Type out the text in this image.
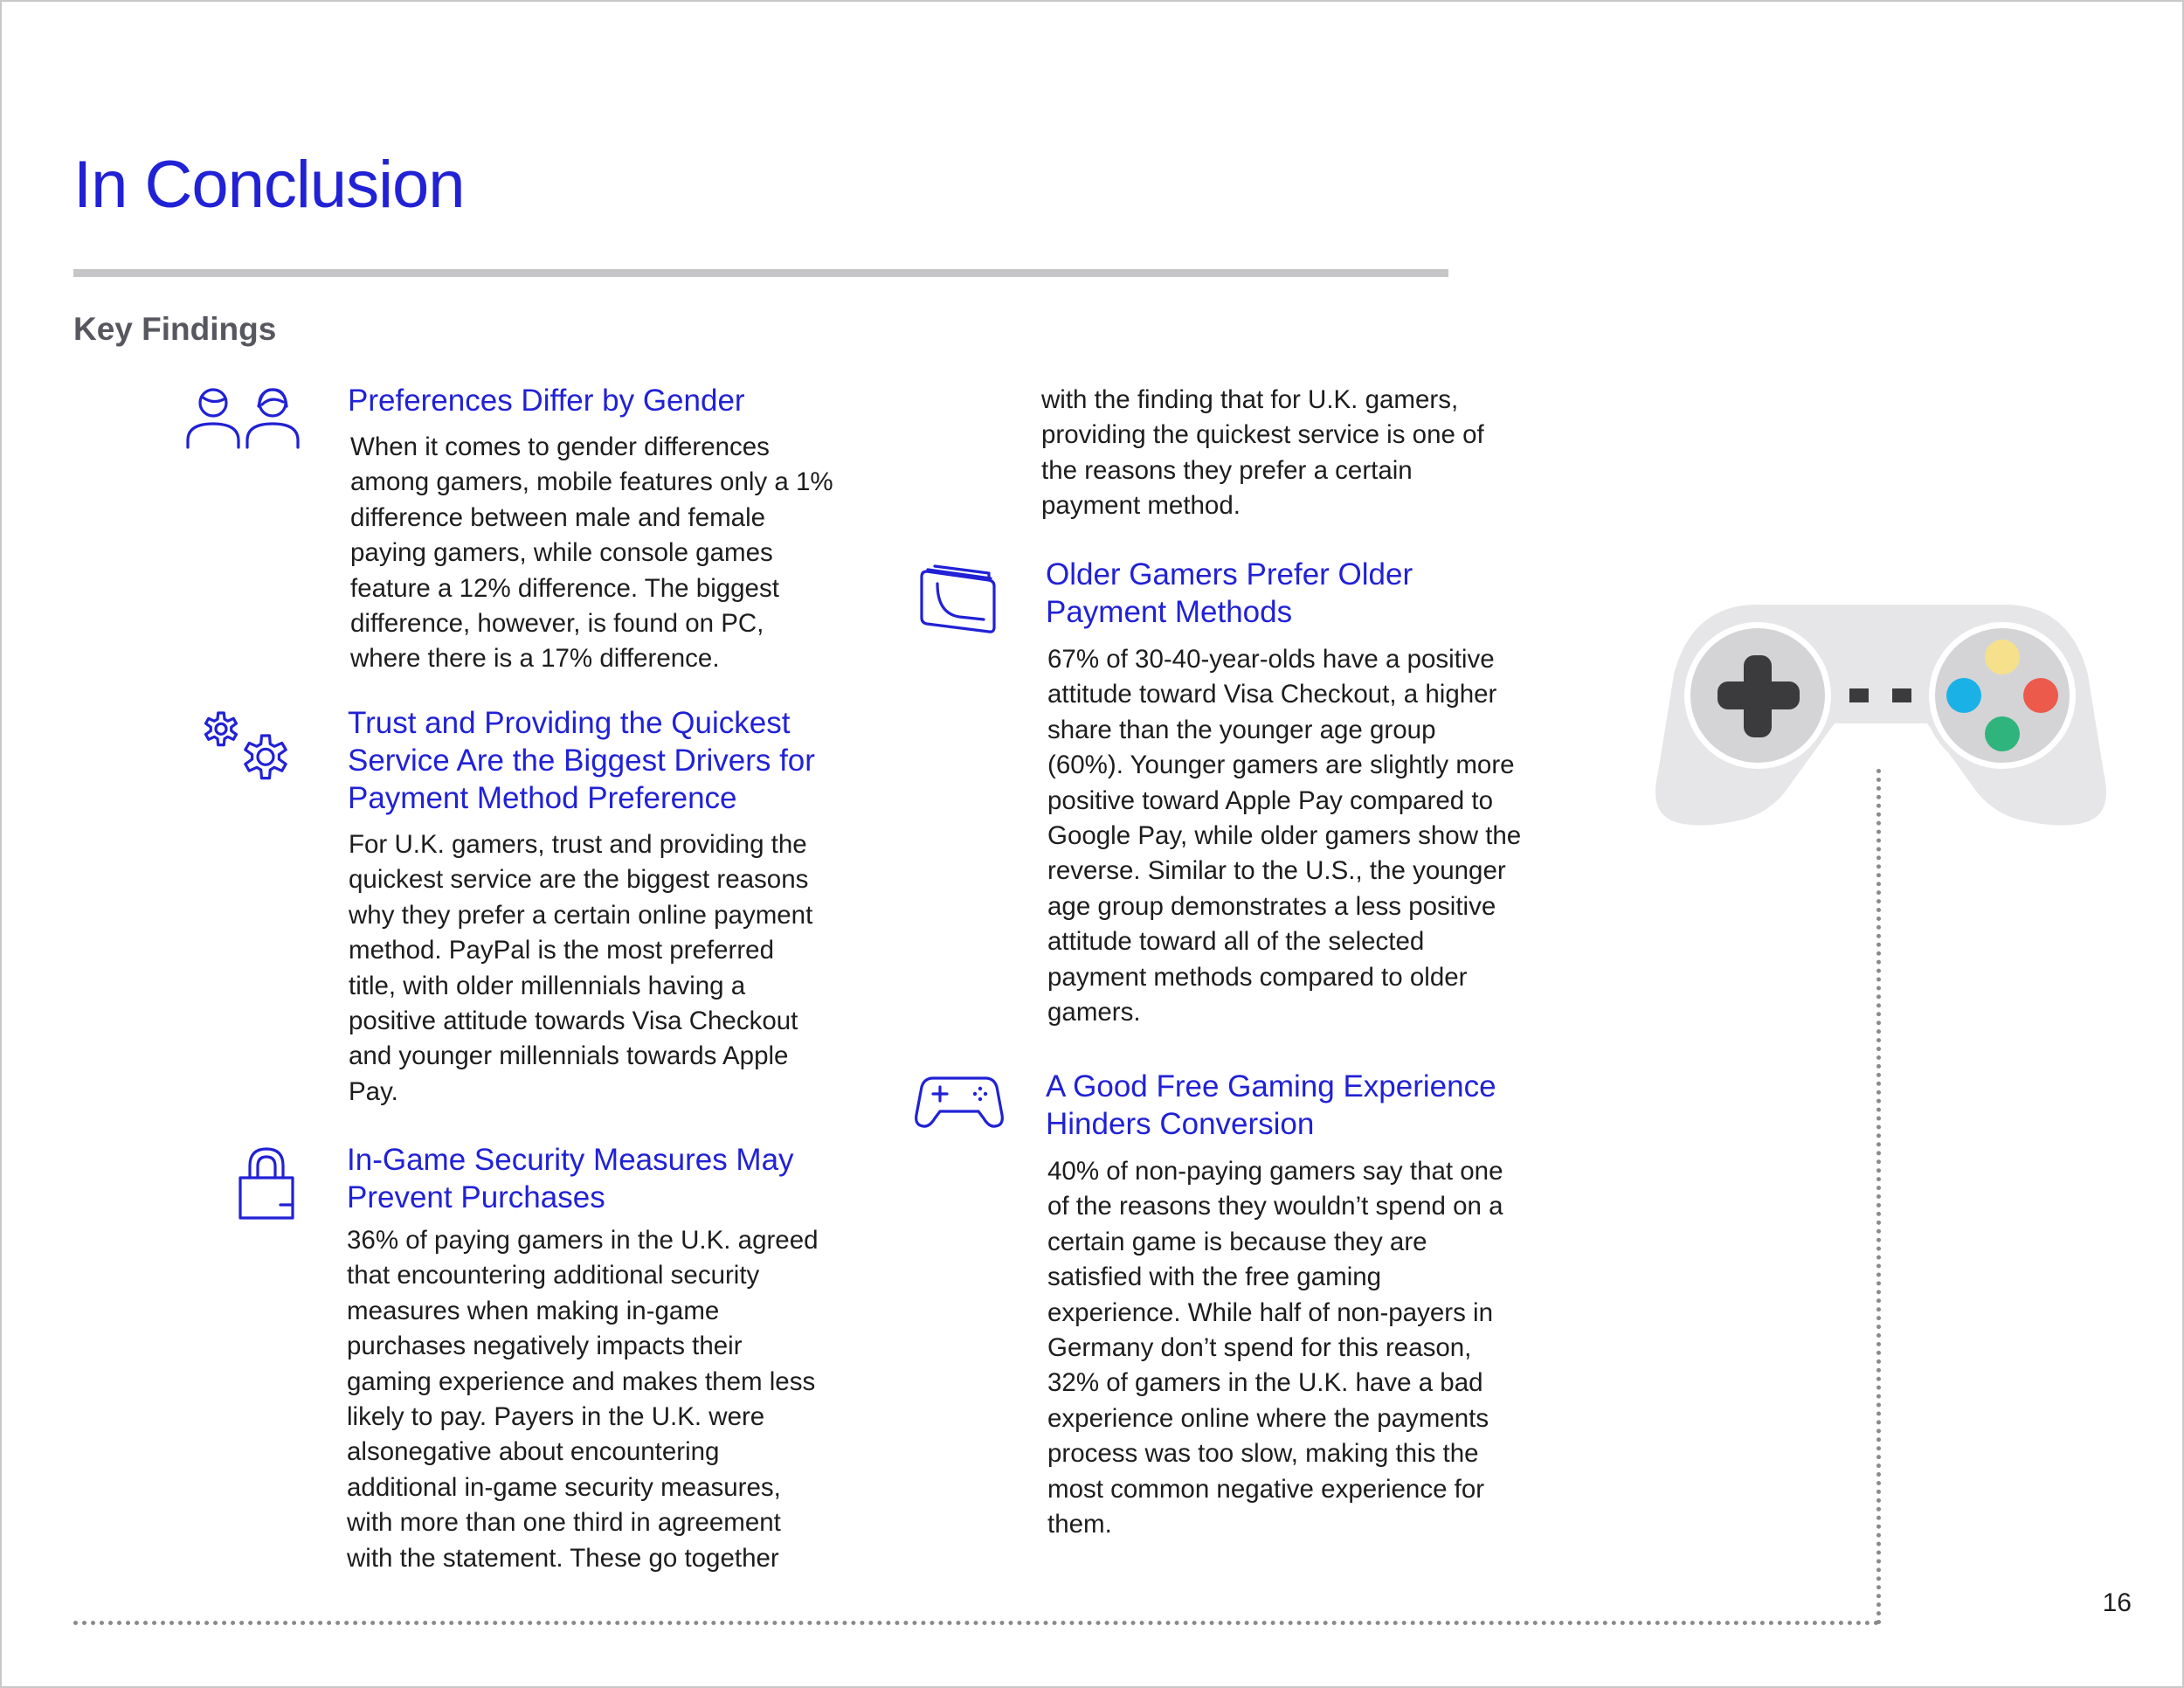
In Conclusion
Key Findings
Preferences Differ by Gender

When it comes to gender differences
among gamers, mobile features only a 1%
difference between male and female
paying gamers, while console games
feature a 12% difference. The biggest
difference, however, is found on PC,
where there is a 17% difference.

Trust and Providing the Quickest
Service Are the Biggest Drivers for
Payment Method Preference

For U.K. gamers, trust and providing the
quickest service are the biggest reasons
why they prefer a certain online payment
method. PayPal is the most preferred
title, with older millennials having a
positive attitude towards Visa Checkout
and younger millennials towards Apple
Pay.

In-Game Security Measures May
Prevent Purchases

36% of paying gamers in the U.K. agreed
that encountering additional security
measures when making in-game
purchases negatively impacts their
gaming experience and makes them less
likely to pay. Payers in the U.K. were
alsonegative about encountering
additional in-game security measures,
with more than one third in agreement
with the statement. These go together

with the finding that for U.K. gamers,
providing the quickest service is one of
the reasons they prefer a certain
payment method.

Older Gamers Prefer Older
Payment Methods

67% of 30-40-year-olds have a positive
attitude toward Visa Checkout, a higher
share than the younger age group
(60%). Younger gamers are slightly more
positive toward Apple Pay compared to
Google Pay, while older gamers show the
reverse. Similar to the U.S., the younger
age group demonstrates a less positive
attitude toward all of the selected
payment methods compared to older
gamers.

A Good Free Gaming Experience
Hinders Conversion

40% of non-paying gamers say that one
of the reasons they wouldn’t spend on a
certain game is because they are
satisfied with the free gaming
experience. While half of non-payers in
Germany don’t spend for this reason,
32% of gamers in the U.K. have a bad
experience online where the payments
process was too slow, making this the
most common negative experience for
them.

16
